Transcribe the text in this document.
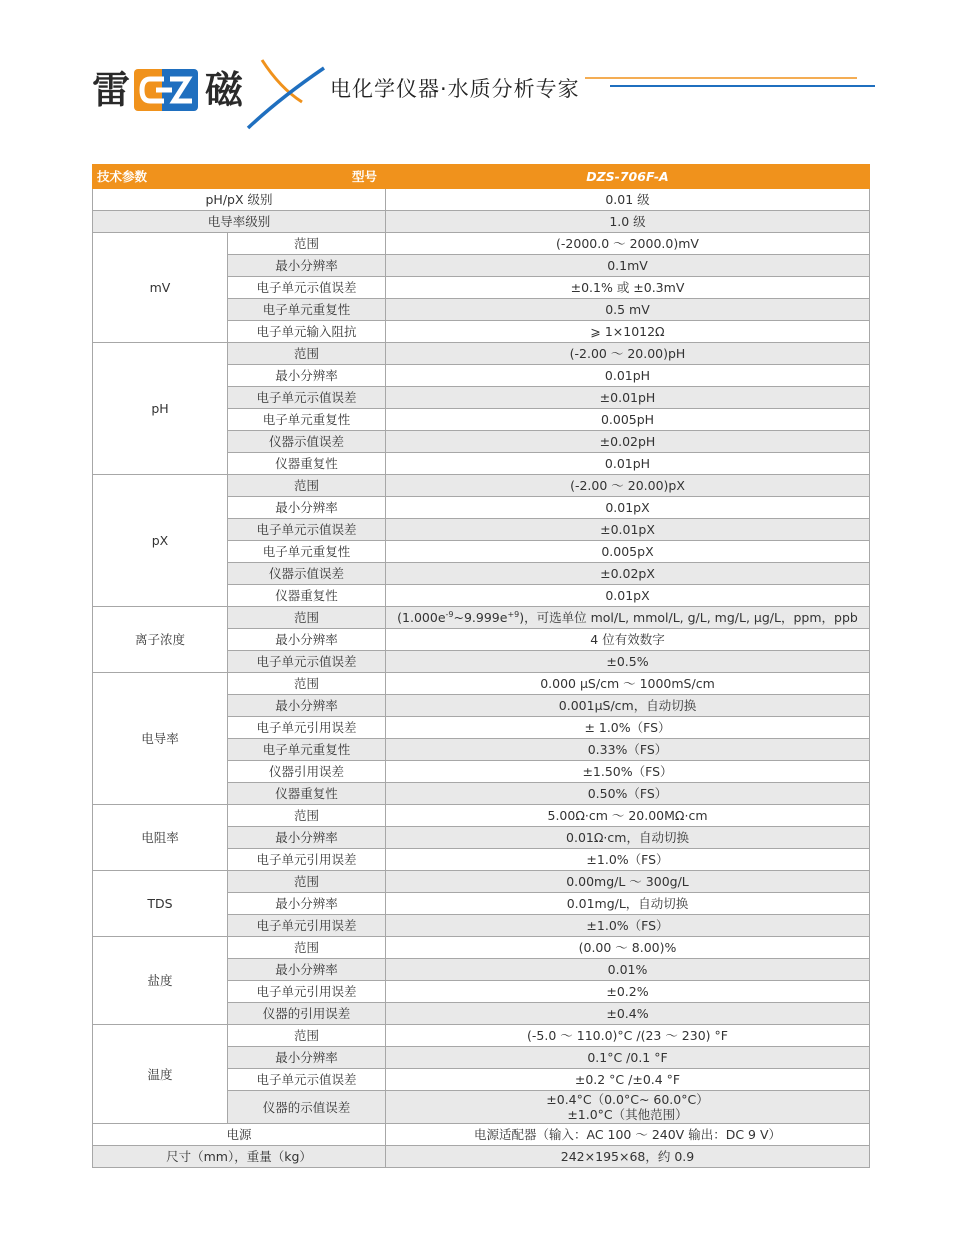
雷 磁	电化学仪器·水质分析专家
技术参数 型号		DZS-706F-A
pH/pX 级别		0.01 级
电导率级别		1.0 级
mV	范围	(-2000.0 ～ 2000.0)mV
	最小分辨率	0.1mV
	电子单元示值误差	±0.1% 或 ±0.3mV
	电子单元重复性	0.5 mV
	电子单元输入阻抗	⩾ 1×1012Ω
pH	范围	(-2.00 ～ 20.00)pH
	最小分辨率	0.01pH
	电子单元示值误差	±0.01pH
	电子单元重复性	0.005pH
	仪器示值误差	±0.02pH
	仪器重复性	0.01pH
pX	范围	(-2.00 ～ 20.00)pX
	最小分辨率	0.01pX
	电子单元示值误差	±0.01pX
	电子单元重复性	0.005pX
	仪器示值误差	±0.02pX
	仪器重复性	0.01pX
离子浓度	范围	$(1.000e^{-9}\sim 9.999e^{+9})$，可选单位 mol/L, mmol/L, g/L, mg/L, μg/L，ppm，ppb
	最小分辨率	4 位有效数字
	电子单元示值误差	±0.5%
电导率	范围	0.000 μS/cm ～ 1000mS/cm
	最小分辨率	0.001μS/cm，自动切换
	电子单元引用误差	± 1.0%（FS）
	电子单元重复性	0.33%（FS）
	仪器引用误差	±1.50%（FS）
	仪器重复性	0.50%（FS）
电阻率	范围	5.00Ω·cm ～ 20.00MΩ·cm
	最小分辨率	0.01Ω·cm，自动切换
	电子单元引用误差	±1.0%（FS）
TDS	范围	0.00mg/L ～ 300g/L
	最小分辨率	0.01mg/L，自动切换
	电子单元引用误差	±1.0%（FS）
盐度	范围	(0.00 ～ 8.00)%
	最小分辨率	0.01%
	电子单元引用误差	±0.2%
	仪器的引用误差	±0.4%
温度	范围	(-5.0 ～ 110.0)°C /(23 ～ 230) °F
	最小分辨率	0.1°C /0.1 °F
	电子单元示值误差	±0.2 °C /±0.4 °F
	仪器的示值误差	±0.4°C（0.0°C~ 60.0°C）
±1.0°C（其他范围）

电源		电源适配器（输入：AC 100 ～ 240V 输出：DC 9 V）
尺寸（mm），重量（kg）		242×195×68，约 0.9
